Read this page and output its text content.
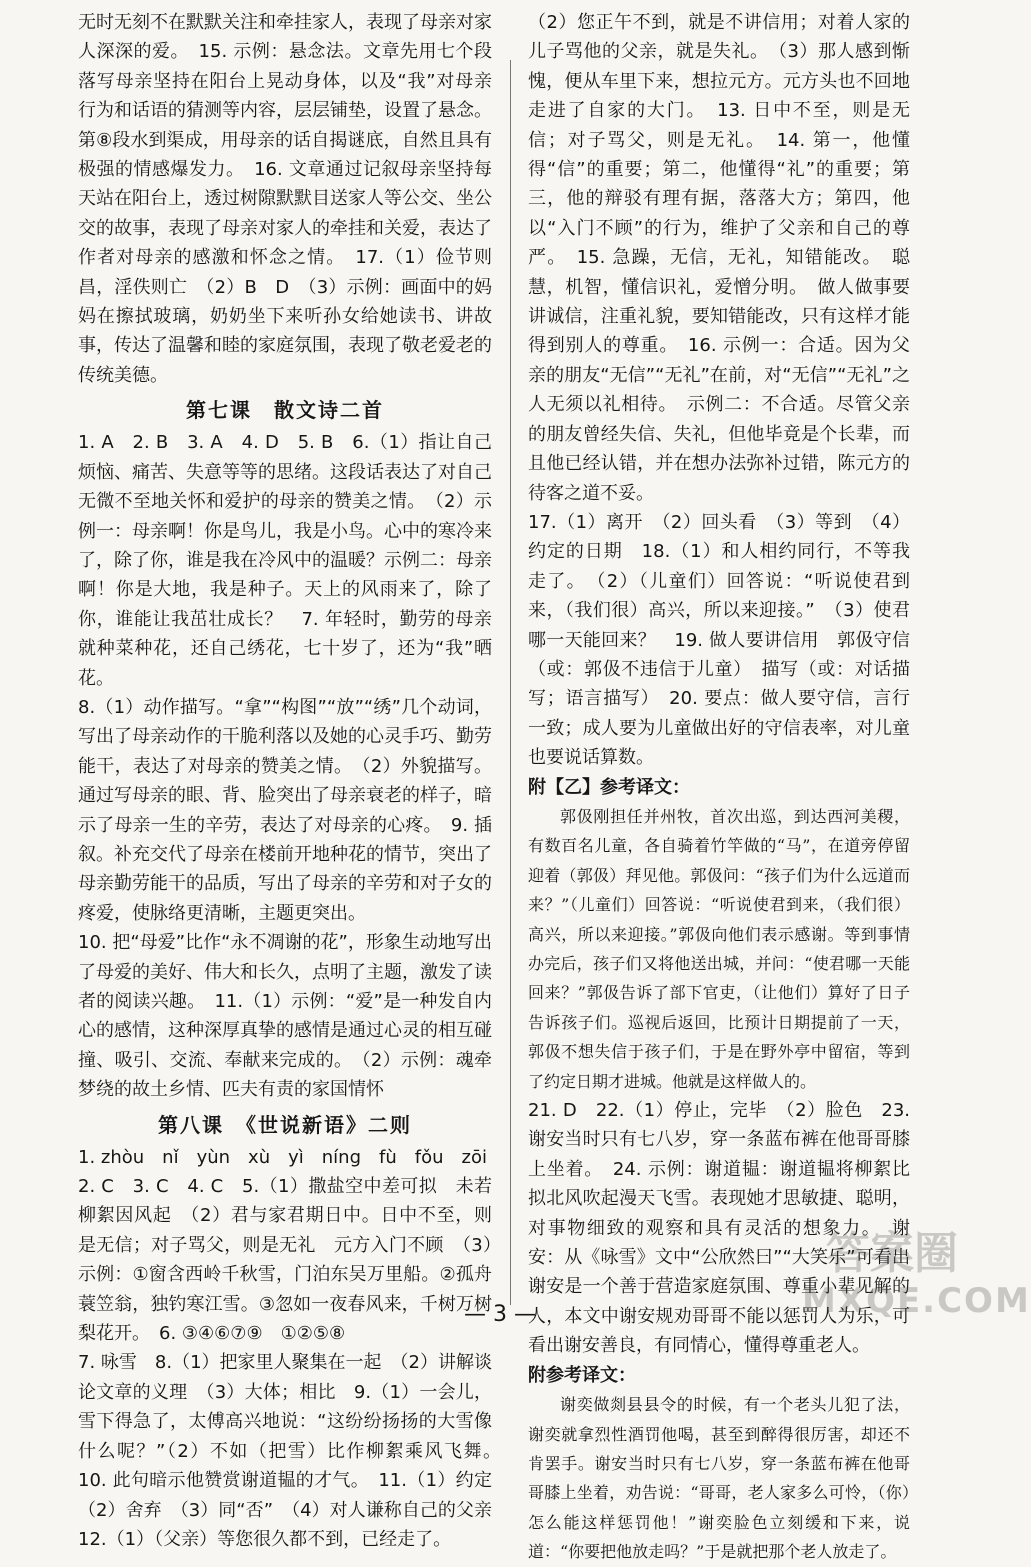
无时无刻不在默默关注和牵挂家人，表现了母亲对家人深深的爱。　15. 示例：悬念法。文章先用七个段落写母亲坚持在阳台上晃动身体，以及“我”对母亲行为和话语的猜测等内容，层层铺垫，设置了悬念。第⑧段水到渠成，用母亲的话自揭谜底，自然且具有极强的情感爆发力。　16. 文章通过记叙母亲坚持每天站在阳台上，透过树隙默默目送家人等公交、坐公交的故事，表现了母亲对家人的牵挂和关爱，表达了作者对母亲的感激和怀念之情。　17.（1）俭节则昌，淫佚则亡　（2）B　D　（3）示例：画面中的妈妈在擦拭玻璃，奶奶坐下来听孙女给她读书、讲故事，传达了温馨和睦的家庭氛围，表现了敬老爱老的传统美德。

第七课　散文诗二首

1. A　2. B　3. A　4. D　5. B　6.（1）指让自己烦恼、痛苦、失意等等的思绪。这段话表达了对自己无微不至地关怀和爱护的母亲的赞美之情。　（2）示例一：母亲啊！你是鸟儿，我是小鸟。心中的寒冷来了，除了你，谁是我在冷风中的温暖？示例二：母亲啊！你是大地，我是种子。天上的风雨来了，除了你，谁能让我茁壮成长？　7. 年轻时，勤劳的母亲就种菜种花，还自己绣花，七十岁了，还为“我”晒花。

8.（1）动作描写。“拿”“构图”“放”“绣”几个动词，写出了母亲动作的干脆利落以及她的心灵手巧、勤劳能干，表达了对母亲的赞美之情。　（2）外貌描写。通过写母亲的眼、背、脸突出了母亲衰老的样子，暗示了母亲一生的辛劳，表达了对母亲的心疼。　9. 插叙。补充交代了母亲在楼前开地种花的情节，突出了母亲勤劳能干的品质，写出了母亲的辛劳和对子女的疼爱，使脉络更清晰，主题更突出。

10. 把“母爱”比作“永不凋谢的花”，形象生动地写出了母爱的美好、伟大和长久，点明了主题，激发了读者的阅读兴趣。　11.（1）示例：“爱”是一种发自内心的感情，这种深厚真挚的感情是通过心灵的相互碰撞、吸引、交流、奉献来完成的。　（2）示例：魂牵梦绕的故土乡情、匹夫有责的家国情怀

第八课　《世说新语》二则

1. zhòu　nǐ　yùn　xù　yì　níng　fù　fǒu　zōi

2. C　3. C　4. C　5.（1）撒盐空中差可拟　未若柳絮因风起　（2）君与家君期日中。日中不至，则是无信；对子骂父，则是无礼　元方入门不顾　（3）示例：①窗含西岭千秋雪，门泊东吴万里船。②孤舟蓑笠翁，独钓寒江雪。③忽如一夜春风来，千树万树梨花开。　6. ③④⑥⑦⑨　①②⑤⑧

7. 咏雪　8.（1）把家里人聚集在一起　（2）讲解谈论文章的义理　（3）大体；相比　9.（1）一会儿，雪下得急了，太傅高兴地说：“这纷纷扬扬的大雪像什么呢？”（2）不如（把雪）比作柳絮乘风飞舞。　10. 此句暗示他赞赏谢道韫的才气。　11.（1）约定　（2）舍弃　（3）同“否”　（4）对人谦称自己的父亲　12.（1）（父亲）等您很久都不到，已经走了。

（2）您正午不到，就是不讲信用；对着人家的儿子骂他的父亲，就是失礼。　（3）那人感到惭愧，便从车里下来，想拉元方。元方头也不回地走进了自家的大门。　13. 日中不至，则是无信；对子骂父，则是无礼。　14. 第一，他懂得“信”的重要；第二，他懂得“礼”的重要；第三，他的辩驳有理有据，落落大方；第四，他以“入门不顾”的行为，维护了父亲和自己的尊严。　15. 急躁，无信，无礼，知错能改。　聪慧，机智，懂信识礼，爱憎分明。　做人做事要讲诚信，注重礼貌，要知错能改，只有这样才能得到别人的尊重。　16. 示例一：合适。因为父亲的朋友“无信”“无礼”在前，对“无信”“无礼”之人无须以礼相待。　示例二：不合适。尽管父亲的朋友曾经失信、失礼，但他毕竟是个长辈，而且他已经认错，并在想办法弥补过错，陈元方的待客之道不妥。

17.（1）离开　（2）回头看　（3）等到　（4）约定的日期　18.（1）和人相约同行，不等我走了。　（2）（儿童们）回答说：“听说使君到来，（我们很）高兴，所以来迎接。”　（3）使君哪一天能回来？　19. 做人要讲信用　郭伋守信（或：郭伋不违信于儿童）　描写（或：对话描写；语言描写）　20. 要点：做人要守信，言行一致；成人要为儿童做出好的守信表率，对儿童也要说话算数。

附【乙】参考译文：

郭伋刚担任并州牧，首次出巡，到达西河美稷，有数百名儿童，各自骑着竹竿做的“马”，在道旁停留迎着（郭伋）拜见他。郭伋问：“孩子们为什么远道而来？”（儿童们）回答说：“听说使君到来，（我们很）高兴，所以来迎接。”郭伋向他们表示感谢。等到事情办完后，孩子们又将他送出城，并问：“使君哪一天能回来？”郭伋告诉了部下官吏，（让他们）算好了日子告诉孩子们。巡视后返回，比预计日期提前了一天，郭伋不想失信于孩子们，于是在野外亭中留宿，等到了约定日期才进城。他就是这样做人的。

21. D　22.（1）停止，完毕　（2）脸色　23. 谢安当时只有七八岁，穿一条蓝布裤在他哥哥膝上坐着。　24. 示例：谢道韫：谢道韫将柳絮比拟北风吹起漫天飞雪。表现她才思敏捷、聪明，对事物细致的观察和具有灵活的想象力。　谢安：从《咏雪》文中“公欣然曰”“大笑乐”可看出谢安是一个善于营造家庭氛围、尊重小辈见解的人，本文中谢安规劝哥哥不能以惩罚人为乐，可看出谢安善良，有同情心，懂得尊重老人。

附参考译文：

谢奕做剡县县令的时候，有一个老头儿犯了法，谢奕就拿烈性酒罚他喝，甚至到醉得很厉害，却还不肯罢手。谢安当时只有七八岁，穿一条蓝布裤在他哥哥膝上坐着，劝告说：“哥哥，老人家多么可怜，（你）怎么能这样惩罚他！”谢奕脸色立刻缓和下来，说道：“你要把他放走吗？”于是就把那个老人放走了。

— 3 —
答案圈
MXQE.COM
